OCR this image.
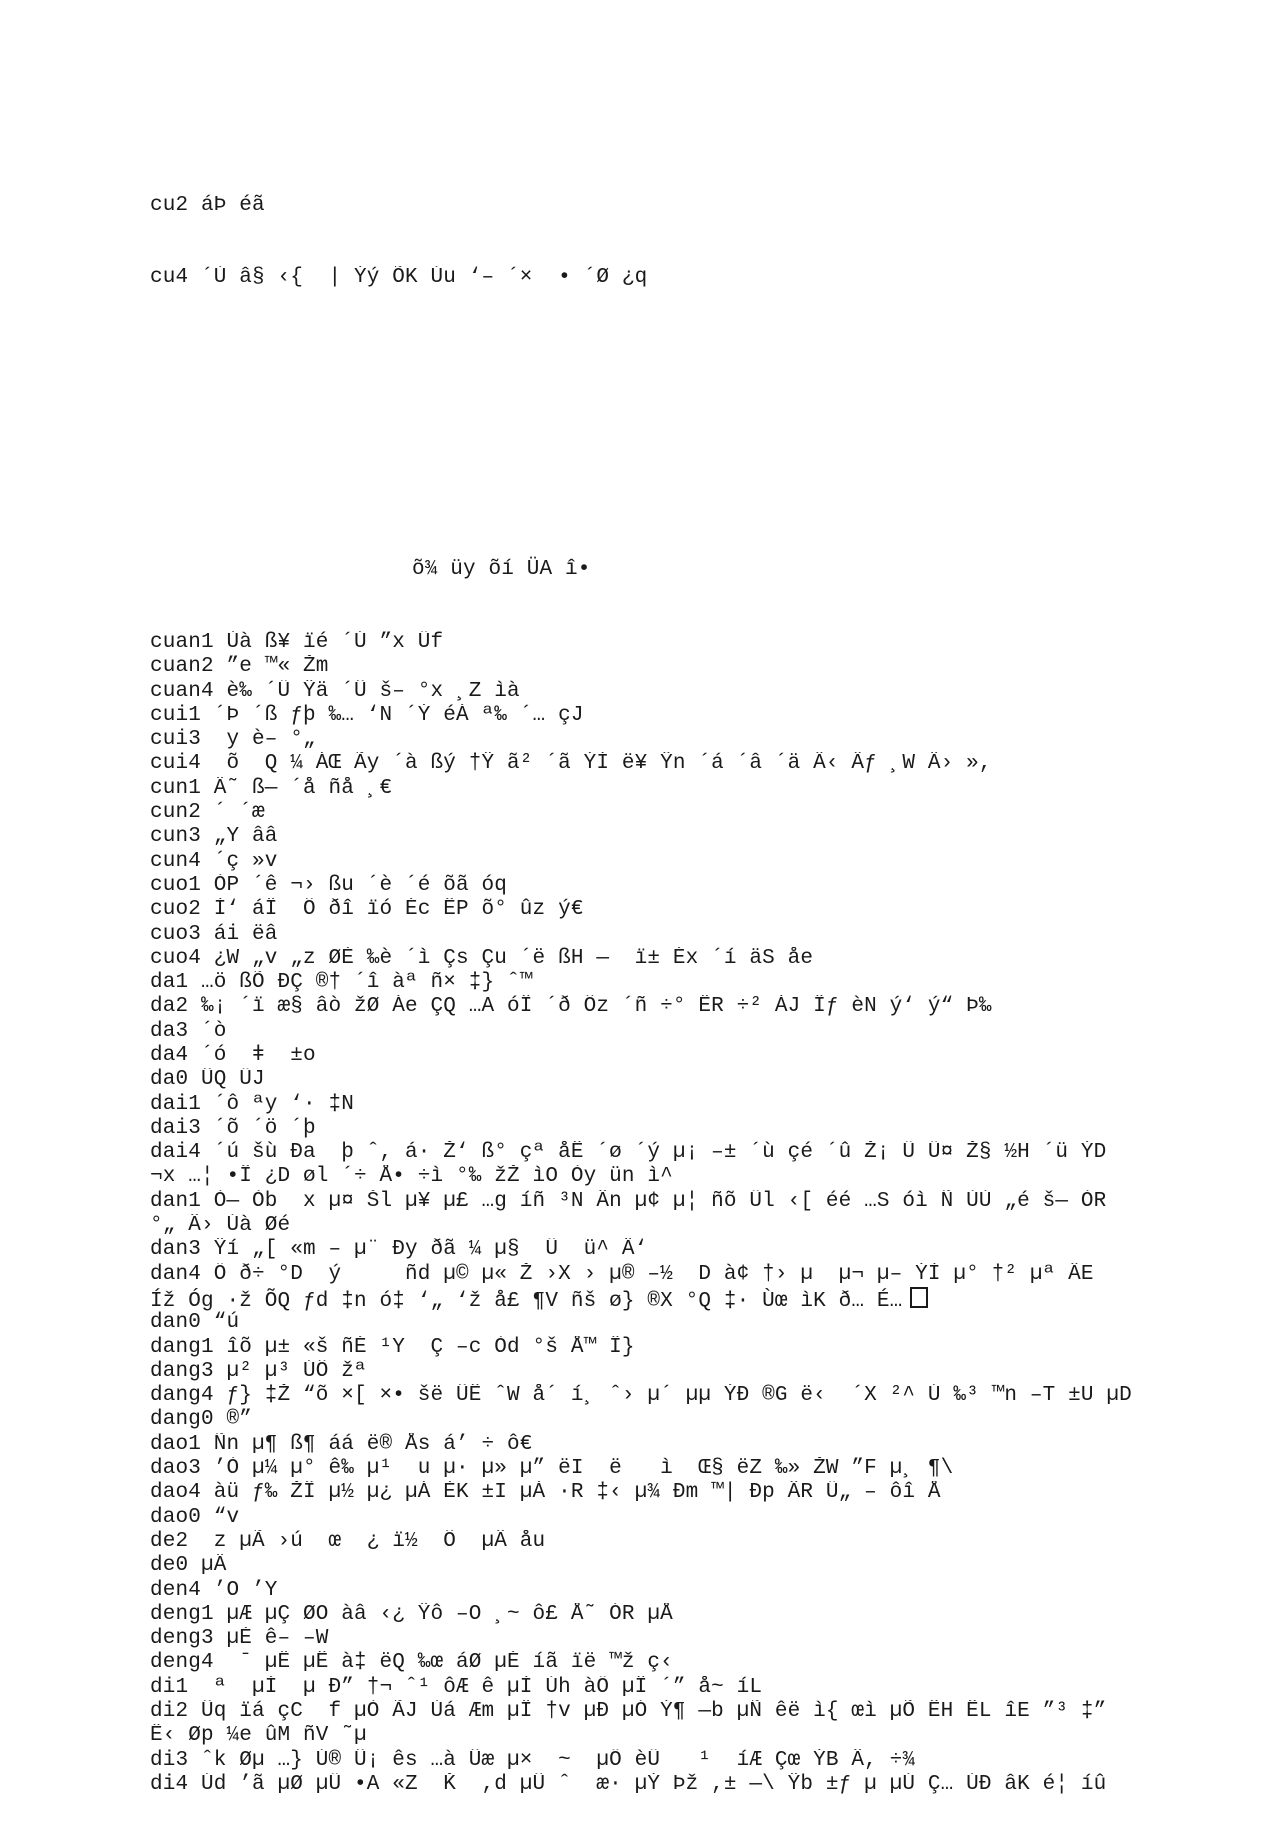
cu2 áÞ éã

cu4 ´Ù â§ ‹{ ¯| Ýý ÕK Úu ‘– ´× ¯• ´Ø ¿q

õ¾ üy õí ÜA î•

cuan1 Ùà ß¥ ïé ´Ú ”x Üf
cuan2 ”e ™« Žm
cuan4 è‰ ´Ü Ÿä ´Û š– °x ¸Z ìà
cui1 ´Þ ´ß ƒþ ‰… ‘N ´Ý éÁ ª‰ ´… çJ
cui3  y è– °„
cui4  õ ¯Q ¼ ÁŒ Ãy ´à ßý †Ÿ ã² ´ã ÝÍ ë¥ Ÿn ´á ´â ´ä Ä‹ Äƒ ¸W Ä› »,
cun1 Ä˜ ß— ´å ñå ¸€
cun2 ´ ´æ
cun3 „Y ââ
cun4 ´ç »v
cuo1 ÒP ´ê ¬› ßu ´è ´é õã óq
cuo2 Ì‘ áÏ  Ô ðî ïó Éc ÊP õ° ûz ý€
cuo3 ái ëâ
cuo4 ¿W „v „z ØÈ ‰è ´ì Çs Çu ´ë ßH —  ï± Éx ´í äS åe
da1 …ö ßÕ ÐÇ ®† ´î àª ñ× ‡} ˆ™
da2 ‰¡ ´ï æ§ âò žØ Áe ÇQ …A óÎ ´ð Ôz ´ñ ÷° ËR ÷² ÀJ Ïƒ èN ý‘ ý“ Þ‰
da3 ´ò
da4 ´ó  ǂ  ±o
da0 ÛQ ÜJ
dai1 ´ô ªy ‘· ‡N
dai3 ´õ ´ö ´þ
dai4 ´ú šù Ða  þ ˆ, á· Ž‘ ß° çª åÊ ´ø ´ý µ¡ –± ´ù çé ´û Ž¡ Ü Ü¤ Ž§ ½H ´ü ÝD
¬x …¦ •Î ¿D øl ´÷ Å• ÷ì °‰ žŽ ìO Òy ün ì^
dan1 Ò— Òb  x µ¤ Šl µ¥ µ£ …g íñ ³N Ân µ¢ µ¦ ñõ Ül ‹[ éé …S óì Ñ ÙÙ „é š— ÒR
°„ Â› Úà Øé
dan3 Ÿí „[ «m – µ¨ Ðy ðã ¼ µ§  Ǘ  ü^ Ä‘
dan4 Ö ð÷ °D  ý     ñd µ© µ« Ž ›X › µ® –½ ¯D à¢ †› µ¯ µ¬ µ– ÝÌ µ° †² µª ÄE
Íž Óg ·ž ÕQ ƒd ‡n ó‡ ‘„ ‘ž å£ ¶V ñš ø} ®X °Q ‡· Ùœ ìK ð… É…
dan0 “ú
dang1 îõ µ± «š ñÉ ¹Y  Ç –c Òd °š Å™ Ï}
dang3 µ² µ³ ÚÔ žª
dang4 ƒ} ‡Ž “õ ×[ ×• šë ÛÊ ˆW å´ í¸ ˆ› µ´ µµ ÝÐ ®G ë‹  ´X ²^ Ú ‰³ ™n –T ±U µD
dang0 ®”
dao1 Ñn µ¶ ß¶ áá ë® Ås á’ ÷ ô€
dao3 ’Ò µ¼ µ° ê‰ µ¹  u µ· µ» µ” ëI  ë   ì  Œ§ ëZ ‰» ŽW ”F µ¸ ¶\
dao4 àü ƒ‰ ŽÎ µ½ µ¿ µÁ ÈK ±I µÀ ·R ‡‹ µ¾ Ðm ™| Ðp ÂR Ü„ – ôî Å
dao0 “v
de2  z µÃ ›ú  œ  ¿ ï½  Ô  µÂ åu
de0 µÄ
den4 ’O ’Y
deng1 µÆ µÇ ØO àâ ‹¿ Ÿô –O ¸~ ô£ Å˜ ÓR µÅ
deng3 µÈ ê– –W
deng4  ˉ µË µÊ à‡ ëQ ‰œ áØ µÉ íã ïë ™ž ç‹
di1  ª  µÍ  µ Ð” †¬ ˆ¹ ôÆ ê µÌ Úh àÖ µÎ ´” å~ íL
di2 Ûq ïá çC  f µÒ ÃJ Ùá Æm µÏ †v µÐ µÓ Ý¶ —b µÑ êë ì{ œì µÕ ÊH ÊL îE ”³ ‡”
Ë‹ Øp ¼e ûM ñV ˜µ
di3 ˆk Øµ …} Ú® Û¡ ês …à Ûæ µ×  ~  µÖ èÜ   ¹  íÆ Çœ ÝB Â, ÷¾
di4 Úd ’ã µØ µÜ •A «Z  Ǩ  ,d µÛ ˆ¯ æ· µÝ Þž ,± —\ Ÿb ±ƒ µ µÚ Ç… ÚÐ âK é¦ íû
